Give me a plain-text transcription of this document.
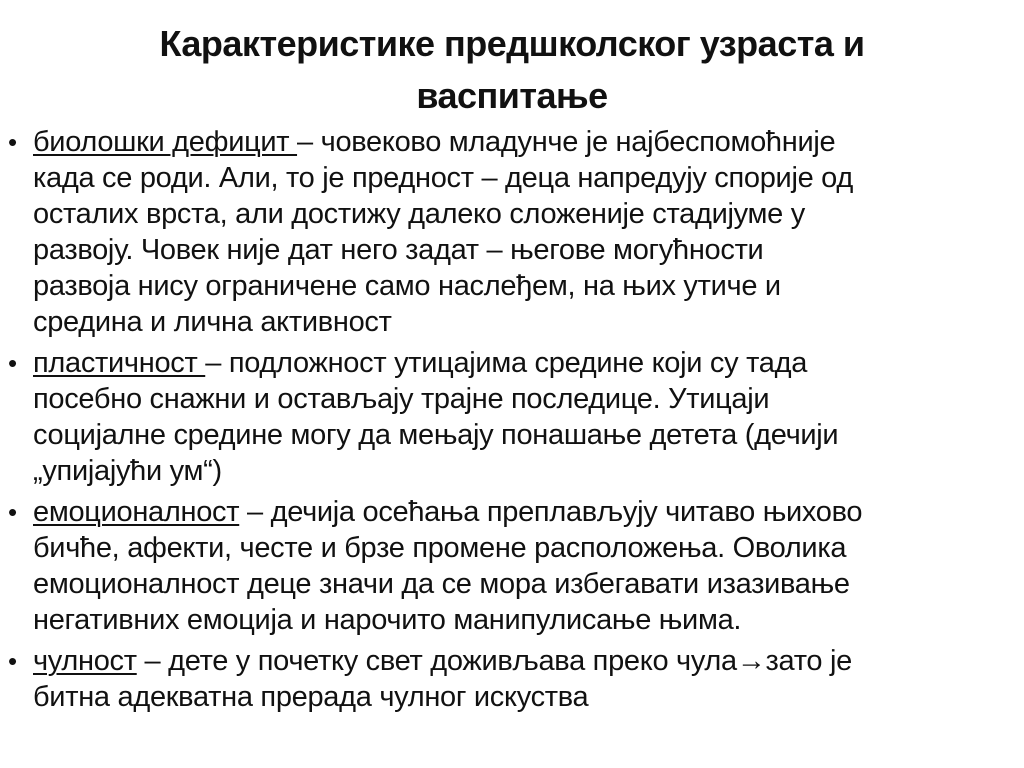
Карактеристике предшколског узраста и
васпитање
• биолошки дефицит – човеково младунче је најбеспомоћније
када се роди. Али, то је предност – деца напредују спорије од
осталих врста, али достижу далеко сложеније стадијуме у
развоју. Човек није дат него задат – његове могућности
развоја нису ограничене само наслеђем, на њих утиче и
средина и лична активност
• пластичност – подложност утицајима средине који су тада
посебно снажни и остављају трајне последице. Утицаји
социјалне средине могу да мењају понашање детета (дечији
„упијајући ум“)
• емоционалност – дечија осећања преплављују читаво њихово
бичће, афекти, честе и брзе промене расположења. Оволика
емоционалност деце значи да се мора избегавати изазивање
негативних емоција и нарочито манипулисање њима.
• чулност – дете у почетку свет доживљава преко чула→зато је
битна адекватна прерада чулног искуства
